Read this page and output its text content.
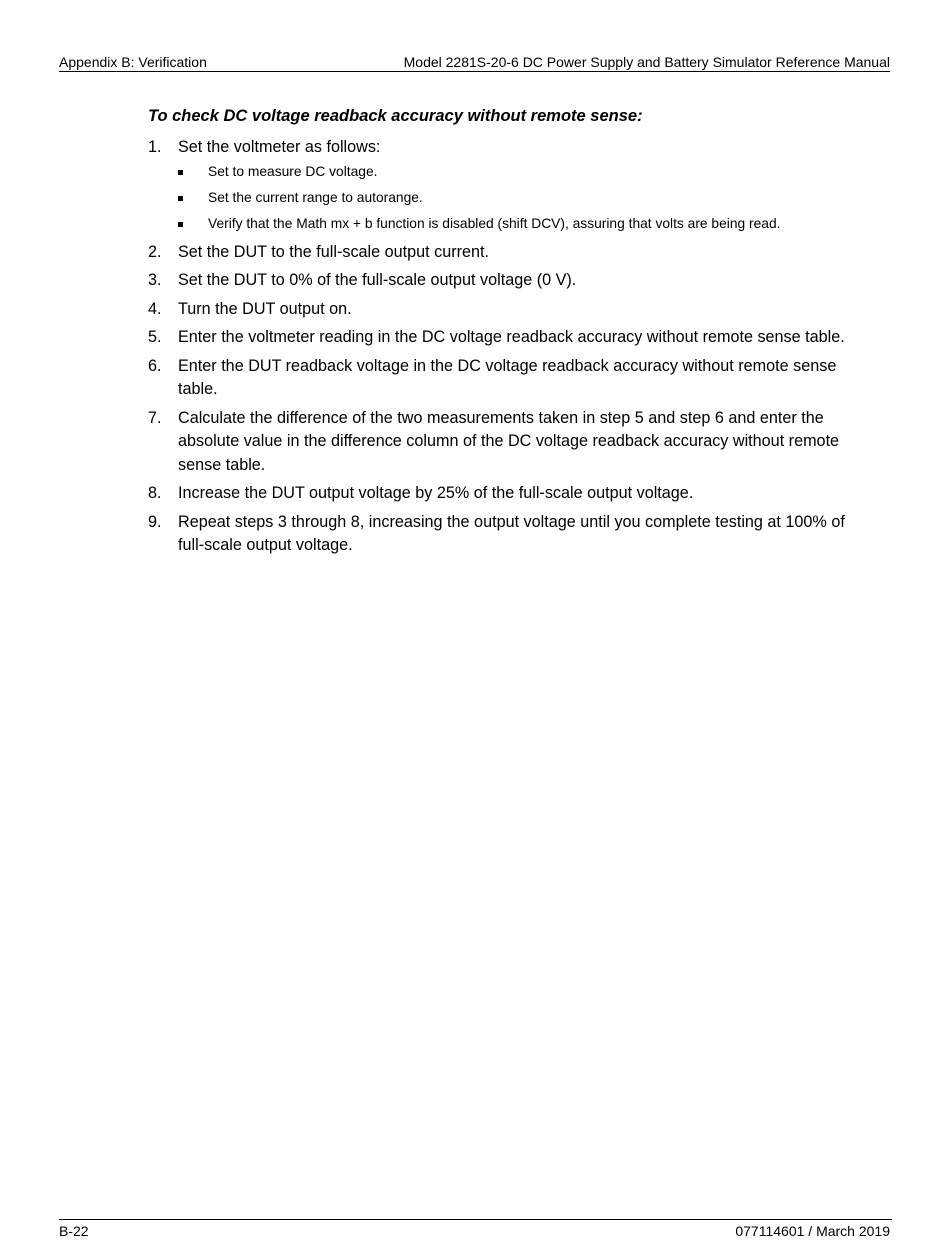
Appendix B: Verification	Model 2281S-20-6 DC Power Supply and Battery Simulator Reference Manual
To check DC voltage readback accuracy without remote sense:
1. Set the voltmeter as follows:
Set to measure DC voltage.
Set the current range to autorange.
Verify that the Math mx + b function is disabled (shift DCV), assuring that volts are being read.
2. Set the DUT to the full-scale output current.
3. Set the DUT to 0% of the full-scale output voltage (0 V).
4. Turn the DUT output on.
5. Enter the voltmeter reading in the DC voltage readback accuracy without remote sense table.
6. Enter the DUT readback voltage in the DC voltage readback accuracy without remote sense table.
7. Calculate the difference of the two measurements taken in step 5 and step 6 and enter the absolute value in the difference column of the DC voltage readback accuracy without remote sense table.
8. Increase the DUT output voltage by 25% of the full-scale output voltage.
9. Repeat steps 3 through 8, increasing the output voltage until you complete testing at 100% of full-scale output voltage.
B-22	077114601 / March 2019
